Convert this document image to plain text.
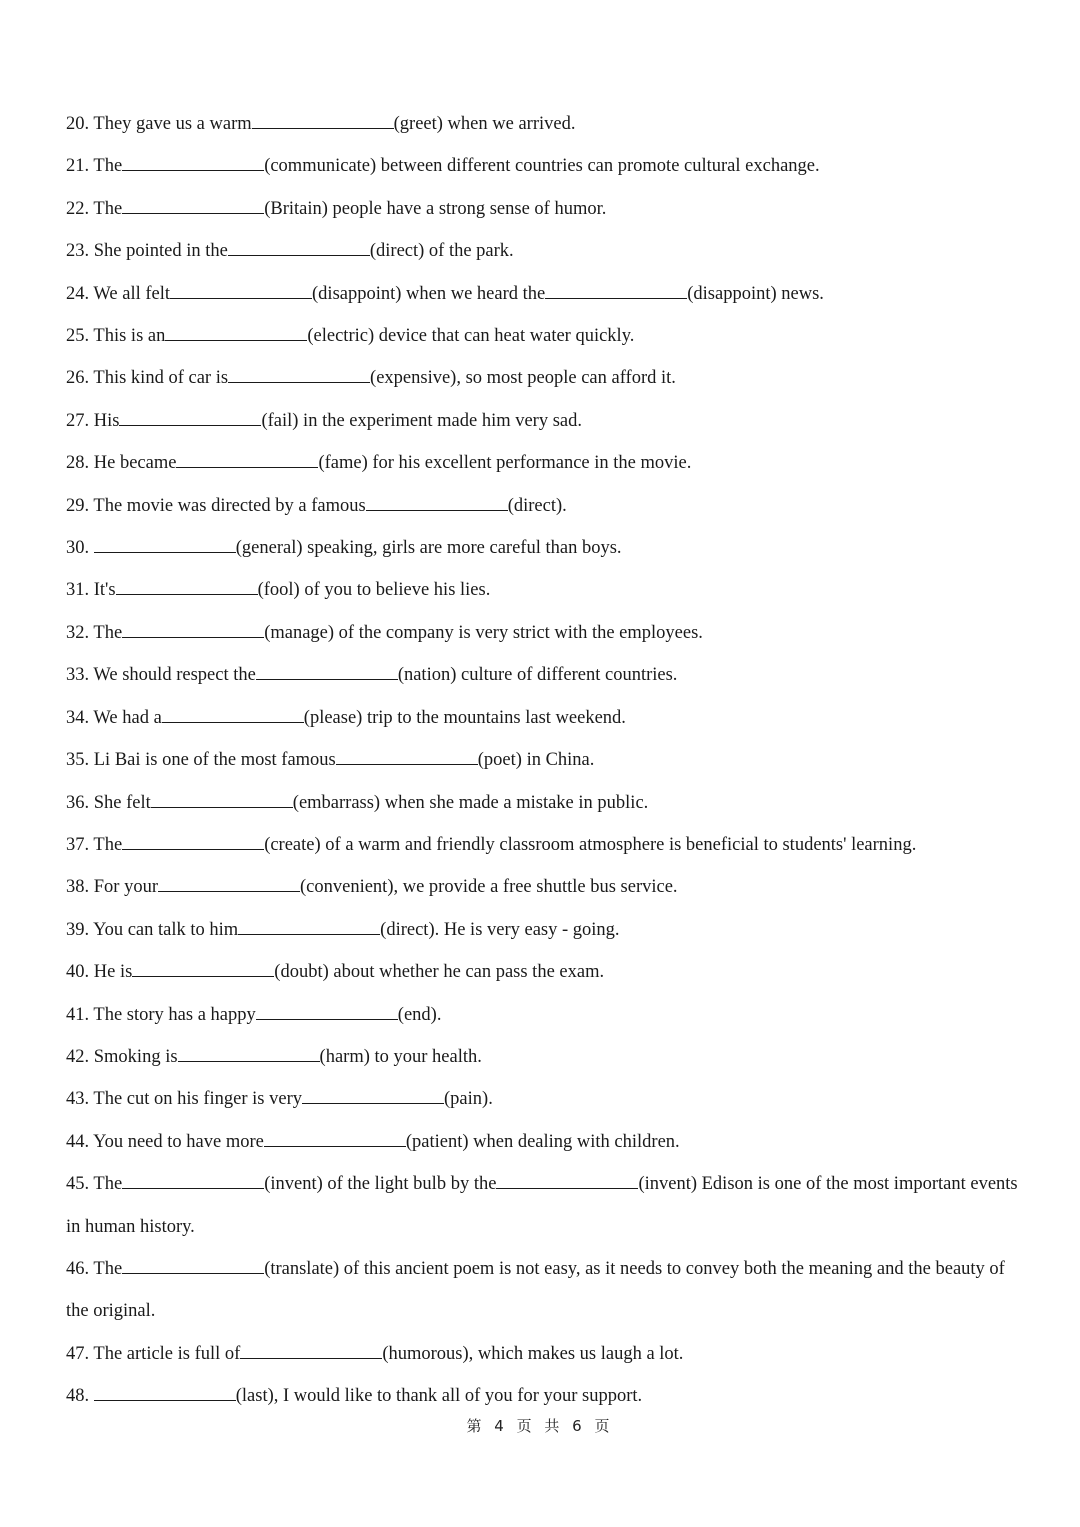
20. They gave us a warm	(greet) when we arrived.
21. The	(communicate) between different countries can promote cultural exchange.
22. The	(Britain) people have a strong sense of humor.
23. She pointed in the	(direct) of the park.
24. We all felt	(disappoint) when we heard the	(disappoint) news.
25. This is an	(electric) device that can heat water quickly.
26. This kind of car is	(expensive), so most people can afford it.
27. His	(fail) in the experiment made him very sad.
28. He became	(fame) for his excellent performance in the movie.
29. The movie was directed by a famous	(direct).
30.	(general) speaking, girls are more careful than boys.
31. It's	(fool) of you to believe his lies.
32. The	(manage) of the company is very strict with the employees.
33. We should respect the	(nation) culture of different countries.
34. We had a	(please) trip to the mountains last weekend.
35. Li Bai is one of the most famous	(poet) in China.
36. She felt	(embarrass) when she made a mistake in public.
37. The	(create) of a warm and friendly classroom atmosphere is beneficial to students' learning.
38. For your	(convenient), we provide a free shuttle bus service.
39. You can talk to him	(direct). He is very easy - going.
40. He is	(doubt) about whether he can pass the exam.
41. The story has a happy	(end).
42. Smoking is	(harm) to your health.
43. The cut on his finger is very	(pain).
44. You need to have more	(patient) when dealing with children.
45. The	(invent) of the light bulb by the	(invent) Edison is one of the most important events in human history.
46. The	(translate) of this ancient poem is not easy, as it needs to convey both the meaning and the beauty of the original.
47. The article is full of	(humorous), which makes us laugh a lot.
48.	(last), I would like to thank all of you for your support.
第 4 页 共 6 页
